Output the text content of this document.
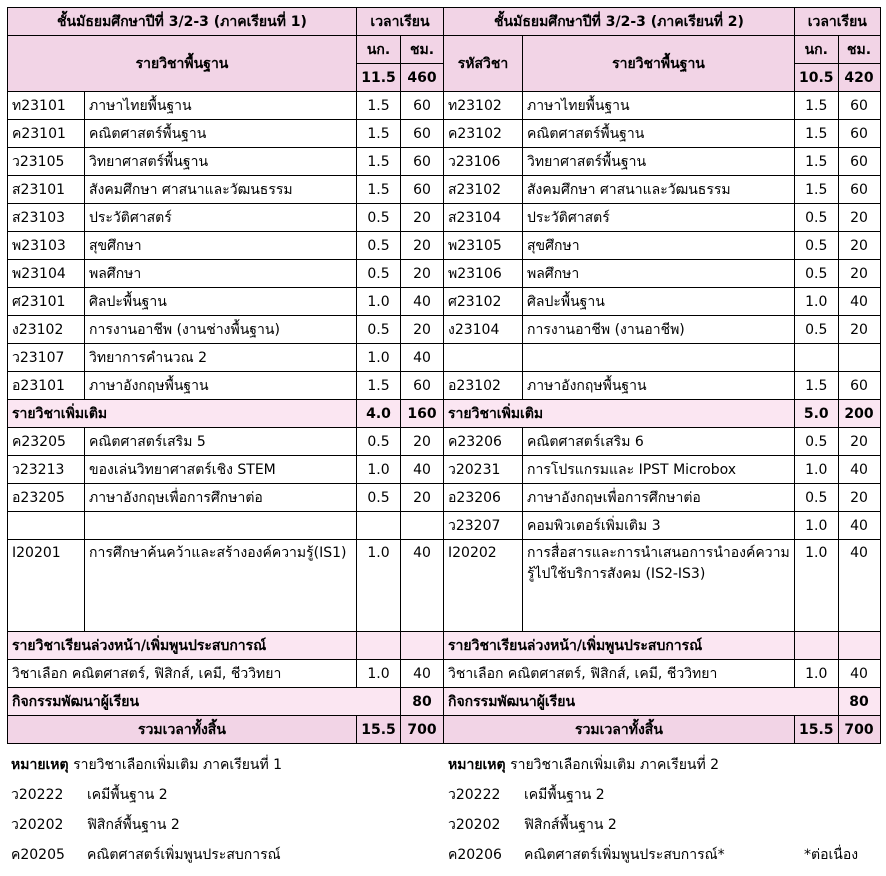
ชั้นมัธยมศึกษาปีที่ 3/2-3 (ภาคเรียนที่ 1)		เวลาเรียน		ชั้นมัธยมศึกษาปีที่ 3/2-3 (ภาคเรียนที่ 2)		เวลาเรียน	
รายวิชาพื้นฐาน		นก.	ชม.	รหัสวิชา	รายวิชาพื้นฐาน	นก.	ชม.
		11.5	460			10.5	420
ท23101	ภาษาไทยพื้นฐาน	1.5	60	ท23102	ภาษาไทยพื้นฐาน	1.5	60
ค23101	คณิตศาสตร์พื้นฐาน	1.5	60	ค23102	คณิตศาสตร์พื้นฐาน	1.5	60
ว23105	วิทยาศาสตร์พื้นฐาน	1.5	60	ว23106	วิทยาศาสตร์พื้นฐาน	1.5	60
ส23101	สังคมศึกษา ศาสนาและวัฒนธรรม	1.5	60	ส23102	สังคมศึกษา ศาสนาและวัฒนธรรม	1.5	60
ส23103	ประวัติศาสตร์	0.5	20	ส23104	ประวัติศาสตร์	0.5	20
พ23103	สุขศึกษา	0.5	20	พ23105	สุขศึกษา	0.5	20
พ23104	พลศึกษา	0.5	20	พ23106	พลศึกษา	0.5	20
ศ23101	ศิลปะพื้นฐาน	1.0	40	ศ23102	ศิลปะพื้นฐาน	1.0	40
ง23102	การงานอาชีพ (งานช่างพื้นฐาน)	0.5	20	ง23104	การงานอาชีพ (งานอาชีพ)	0.5	20
ว23107	วิทยาการคำนวณ 2	1.0	40				
อ23101	ภาษาอังกฤษพื้นฐาน	1.5	60	อ23102	ภาษาอังกฤษพื้นฐาน	1.5	60
รายวิชาเพิ่มเติม		4.0	160	รายวิชาเพิ่มเติม		5.0	200
ค23205	คณิตศาสตร์เสริม 5	0.5	20	ค23206	คณิตศาสตร์เสริม 6	0.5	20
ว23213	ของเล่นวิทยาศาสตร์เชิง STEM	1.0	40	ว20231	การโปรแกรมและ IPST Microbox	1.0	40
อ23205	ภาษาอังกฤษเพื่อการศึกษาต่อ	0.5	20	อ23206	ภาษาอังกฤษเพื่อการศึกษาต่อ	0.5	20
				ว23207	คอมพิวเตอร์เพิ่มเติม 3	1.0	40
I20201	การศึกษาค้นคว้าและสร้างองค์ความรู้(IS1)	1.0	40	I20202	การสื่อสารและการนำเสนอการนำองค์ความรู้ไปใช้บริการสังคม (IS2-IS3)	1.0	40
รายวิชาเรียนล่วงหน้า/เพิ่มพูนประสบการณ์				รายวิชาเรียนล่วงหน้า/เพิ่มพูนประสบการณ์			
วิชาเลือก คณิตศาสตร์, ฟิสิกส์, เคมี, ชีววิทยา		1.0	40	วิชาเลือก คณิตศาสตร์, ฟิสิกส์, เคมี, ชีววิทยา		1.0	40
กิจกรรมพัฒนาผู้เรียน			80	กิจกรรมพัฒนาผู้เรียน			80
รวมเวลาทั้งสิ้น		15.5	700	รวมเวลาทั้งสิ้น		15.5	700
หมายเหตุ รายวิชาเลือกเพิ่มเติม ภาคเรียนที่ 1
ว20222 เคมีพื้นฐาน 2
ว20202 ฟิสิกส์พื้นฐาน 2
ค20205 คณิตศาสตร์เพิ่มพูนประสบการณ์
หมายเหตุ รายวิชาเลือกเพิ่มเติม ภาคเรียนที่ 2
ว20222 เคมีพื้นฐาน 2
ว20202 ฟิสิกส์พื้นฐาน 2
ค20206 คณิตศาสตร์เพิ่มพูนประสบการณ์*	*ต่อเนื่อง
